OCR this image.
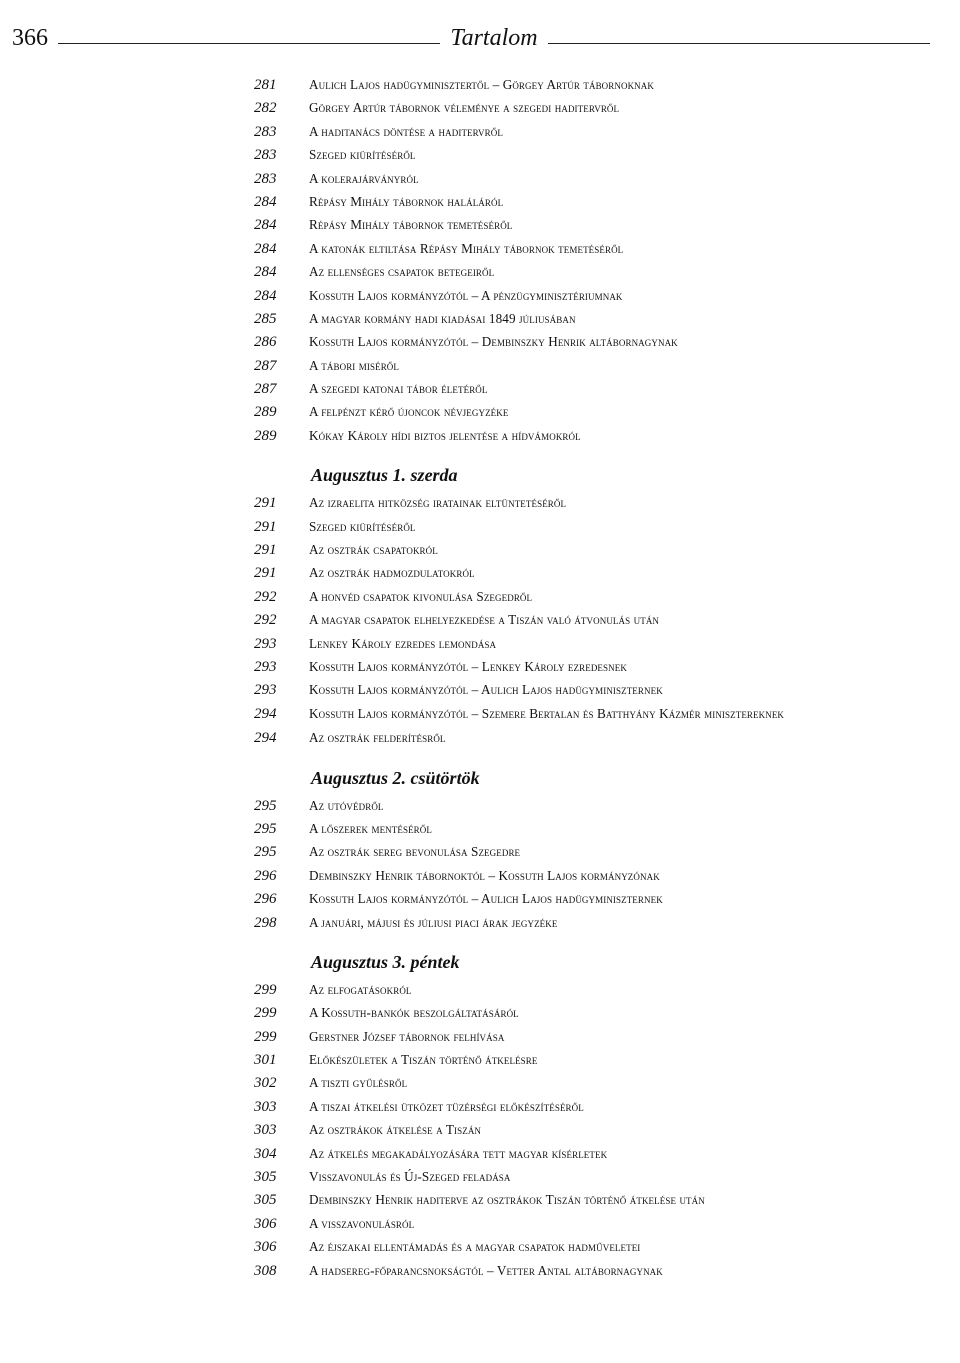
366	Tartalom
281	Aulich Lajos hadügyminisztertől – Görgey Artúr tábornoknak
282	Görgey Artúr tábornok véleménye a szegedi haditervről
283	A haditanács döntése a haditervről
283	Szeged kiürítéséről
283	A kolerajárványról
284	Répásy Mihály tábornok haláláról
284	Répásy Mihály tábornok temetéséről
284	A katonák eltiltása Répásy Mihály tábornok temetéséről
284	Az ellenséges csapatok betegeiről
284	Kossuth Lajos kormányzótól – A pénzügyminisztériumnak
285	A magyar kormány hadi kiadásai 1849 júliusában
286	Kossuth Lajos kormányzótól – Dembinszky Henrik altábornagynak
287	A tábori miséről
287	A szegedi katonai tábor életéről
289	A felpénzt kérő újoncok névjegyzéke
289	Kókay Károly hídi biztos jelentése a hídvámokról
Augusztus 1. szerda
291	Az izraelita hitközség iratainak eltüntetéséről
291	Szeged kiürítéséről
291	Az osztrák csapatokról
291	Az osztrák hadmozdulatokról
292	A honvéd csapatok kivonulása Szegedről
292	A magyar csapatok elhelyezkedése a Tiszán való átvonulás után
293	Lenkey Károly ezredes lemondása
293	Kossuth Lajos kormányzótól – Lenkey Károly ezredesnek
293	Kossuth Lajos kormányzótól – Aulich Lajos hadügyminiszternek
294	Kossuth Lajos kormányzótól – Szemere Bertalan és Batthyány Kázmér minisztereknek
294	Az osztrák felderítésről
Augusztus 2. csütörtök
295	Az utóvédről
295	A lőszerek mentéséről
295	Az osztrák sereg bevonulása Szegedre
296	Dembinszky Henrik tábornoktól – Kossuth Lajos kormányzónak
296	Kossuth Lajos kormányzótól – Aulich Lajos hadügyminiszternek
298	A januári, májusi és júliusi piaci árak jegyzéke
Augusztus 3. péntek
299	Az elfogatásokról
299	A Kossuth-bankók beszolgáltatásáról
299	Gerstner József tábornok felhívása
301	Előkészületek a Tiszán történő átkelésre
302	A tiszti gyűlésről
303	A tiszai átkelési ütközet tüzérségi előkészítéséről
303	Az osztrákok átkelése a Tiszán
304	Az átkelés megakadályozására tett magyar kísérletek
305	Visszavonulás és Új-Szeged feladása
305	Dembinszky Henrik haditerve az osztrákok Tiszán történő átkelése után
306	A visszavonulásról
306	Az éjszakai ellentámadás és a magyar csapatok hadműveletei
308	A hadsereg-főparancsnokságtól – Vetter Antal altábornagynak
